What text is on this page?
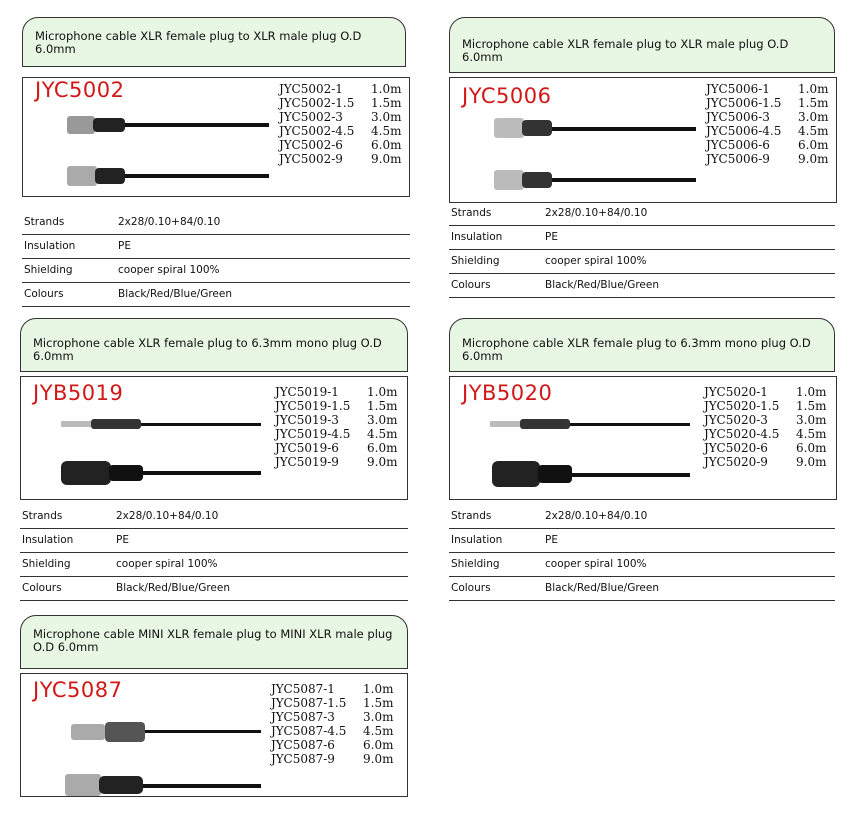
Microphone cable XLR female plug to XLR male plug O.D 6.0mm
JYC5002	JYC5002-1	1.0m
JYC5002-1.5	1.5m
JYC5002-3	3.0m
JYC5002-4.5	4.5m
JYC5002-6	6.0m
JYC5002-9	9.0m
Strands	2x28/0.10+84/0.10
Insulation	PE
Shielding	cooper spiral 100%
Colours	Black/Red/Blue/Green
Microphone cable XLR female plug to XLR male plug O.D 6.0mm
JYC5006	JYC5006-1	1.0m
JYC5006-1.5	1.5m
JYC5006-3	3.0m
JYC5006-4.5	4.5m
JYC5006-6	6.0m
JYC5006-9	9.0m
Strands	2x28/0.10+84/0.10
Insulation	PE
Shielding	cooper spiral 100%
Colours	Black/Red/Blue/Green
Microphone cable XLR female plug to 6.3mm mono plug O.D 6.0mm
JYB5019	JYC5019-1	1.0m
JYC5019-1.5	1.5m
JYC5019-3	3.0m
JYC5019-4.5	4.5m
JYC5019-6	6.0m
JYC5019-9	9.0m
Strands	2x28/0.10+84/0.10
Insulation	PE
Shielding	cooper spiral 100%
Colours	Black/Red/Blue/Green
Microphone cable XLR female plug to 6.3mm mono plug O.D 6.0mm
JYB5020	JYC5020-1	1.0m
JYC5020-1.5	1.5m
JYC5020-3	3.0m
JYC5020-4.5	4.5m
JYC5020-6	6.0m
JYC5020-9	9.0m
Strands	2x28/0.10+84/0.10
Insulation	PE
Shielding	cooper spiral 100%
Colours	Black/Red/Blue/Green
Microphone cable MINI XLR female plug to MINI XLR male plug O.D 6.0mm
JYC5087	JYC5087-1	1.0m
JYC5087-1.5	1.5m
JYC5087-3	3.0m
JYC5087-4.5	4.5m
JYC5087-6	6.0m
JYC5087-9	9.0m
